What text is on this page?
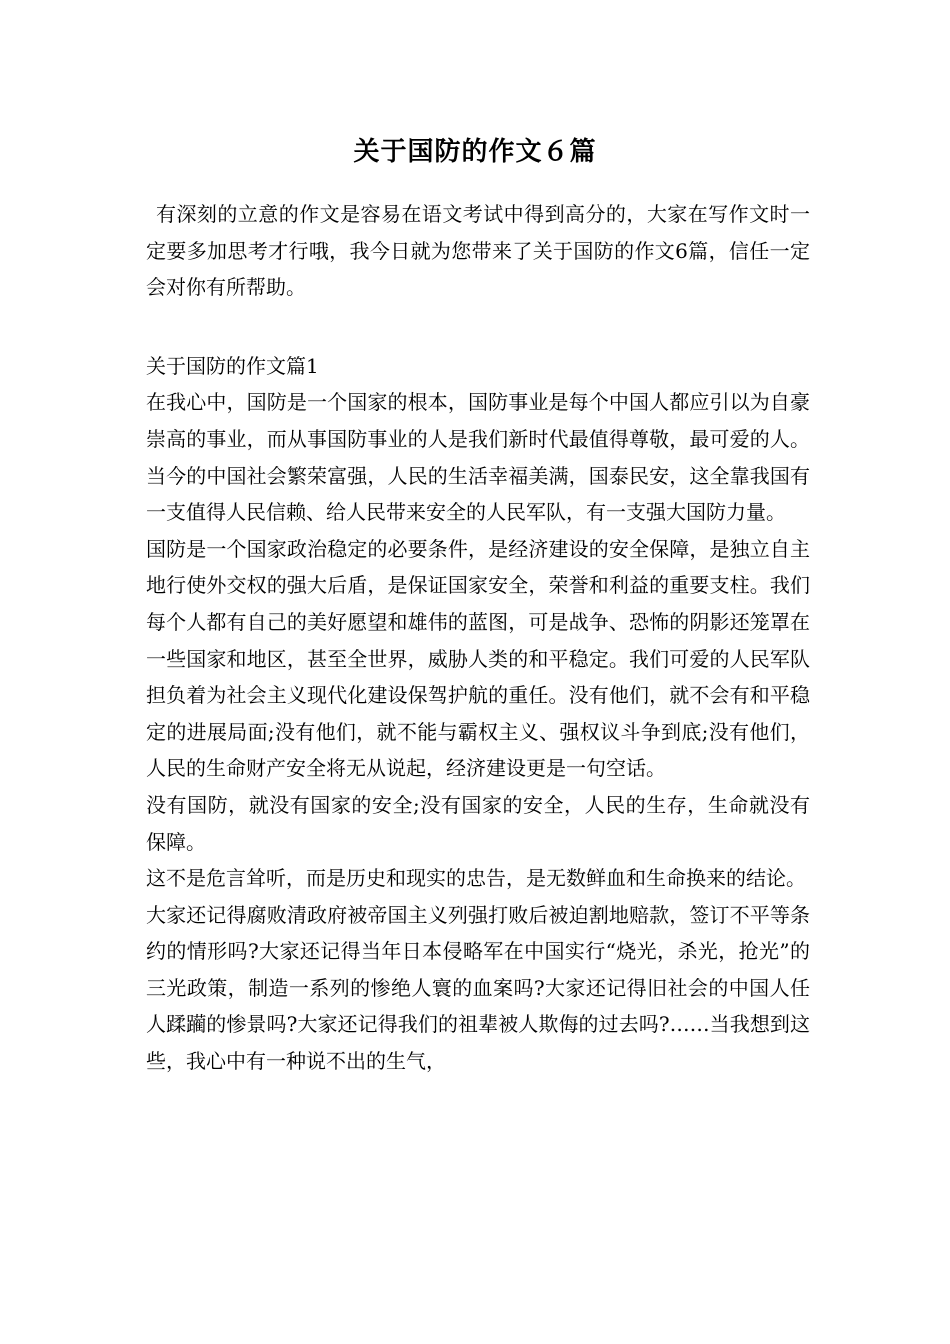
关于国防的作文６篇

有深刻的立意的作文是容易在语文考试中得到高分的，大家在写作文时一定要多加思考才行哦，我今日就为您带来了关于国防的作文6篇，信任一定会对你有所帮助。

关于国防的作文篇1

在我心中，国防是一个国家的根本，国防事业是每个中国人都应引以为自豪崇高的事业，而从事国防事业的人是我们新时代最值得尊敬，最可爱的人。当今的中国社会繁荣富强，人民的生活幸福美满，国泰民安，这全靠我国有一支值得人民信赖、给人民带来安全的人民军队，有一支强大国防力量。

国防是一个国家政治稳定的必要条件，是经济建设的安全保障，是独立自主地行使外交权的强大后盾，是保证国家安全，荣誉和利益的重要支柱。我们每个人都有自己的美好愿望和雄伟的蓝图，可是战争、恐怖的阴影还笼罩在一些国家和地区，甚至全世界，威胁人类的和平稳定。我们可爱的人民军队担负着为社会主义现代化建设保驾护航的重任。没有他们，就不会有和平稳定的进展局面;没有他们，就不能与霸权主义、强权议斗争到底;没有他们，人民的生命财产安全将无从说起，经济建设更是一句空话。

没有国防，就没有国家的安全;没有国家的安全，人民的生存，生命就没有保障。

这不是危言耸听，而是历史和现实的忠告，是无数鲜血和生命换来的结论。

大家还记得腐败清政府被帝国主义列强打败后被迫割地赔款，签订不平等条约的情形吗?大家还记得当年日本侵略军在中国实行“烧光，杀光，抢光”的三光政策，制造一系列的惨绝人寰的血案吗?大家还记得旧社会的中国人任人蹂躏的惨景吗?大家还记得我们的祖辈被人欺侮的过去吗?……当我想到这些，我心中有一种说不出的生气，
